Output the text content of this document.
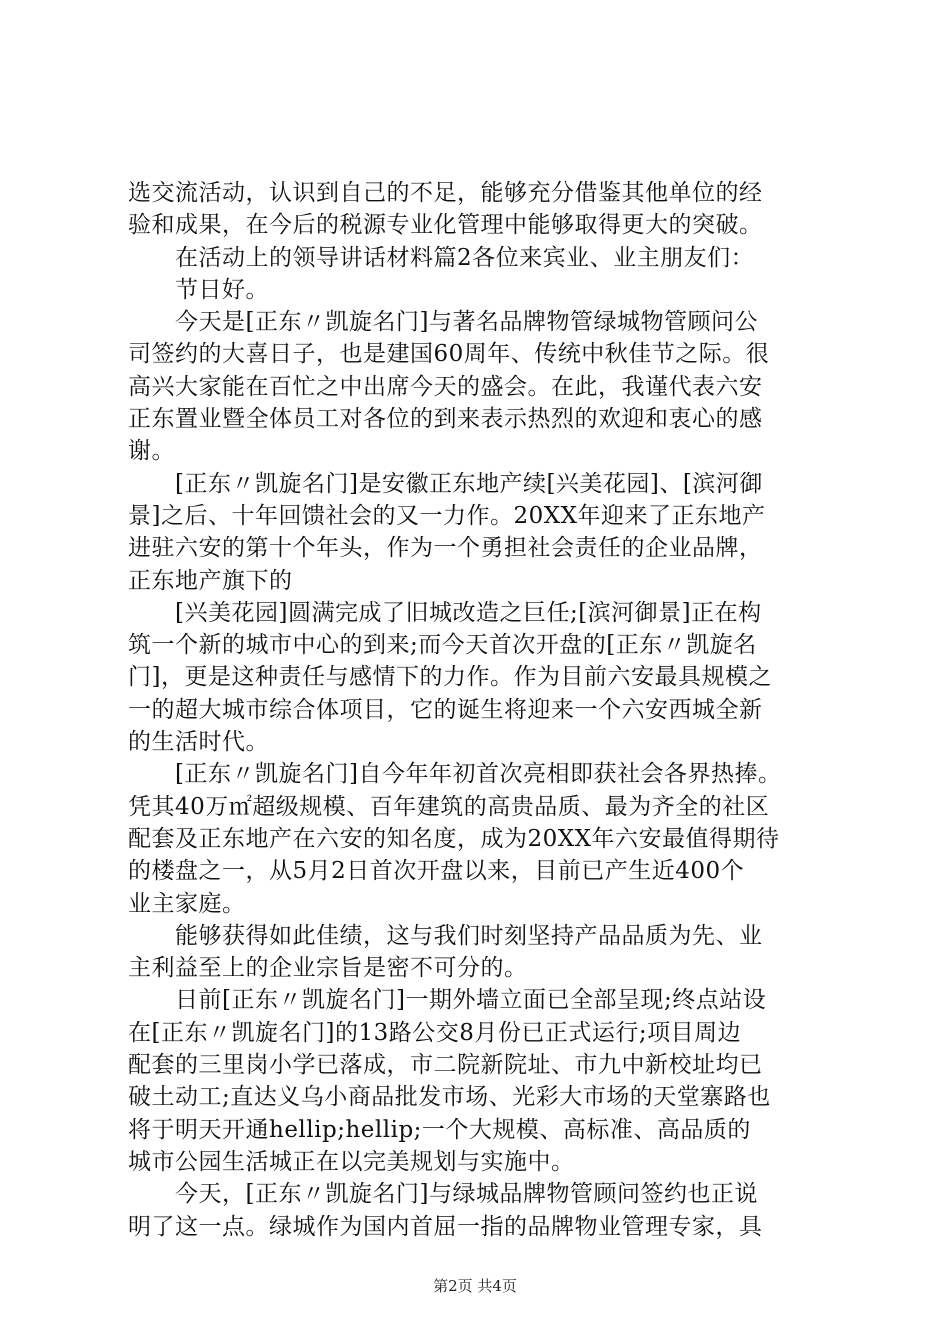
选交流活动，认识到自己的不足，能够充分借鉴其他单位的经
验和成果，在今后的税源专业化管理中能够取得更大的突破。
在活动上的领导讲话材料篇2各位来宾业、业主朋友们：
节日好。
今天是[正东〃凯旋名门]与著名品牌物管绿城物管顾问公
司签约的大喜日子，也是建国60周年、传统中秋佳节之际。很
高兴大家能在百忙之中出席今天的盛会。在此，我谨代表六安
正东置业暨全体员工对各位的到来表示热烈的欢迎和衷心的感
谢。
[正东〃凯旋名门]是安徽正东地产续[兴美花园]、[滨河御
景]之后、十年回馈社会的又一力作。20XX年迎来了正东地产
进驻六安的第十个年头，作为一个勇担社会责任的企业品牌，
正东地产旗下的
[兴美花园]圆满完成了旧城改造之巨任;[滨河御景]正在构
筑一个新的城市中心的到来;而今天首次开盘的[正东〃凯旋名
门]，更是这种责任与感情下的力作。作为目前六安最具规模之
一的超大城市综合体项目，它的诞生将迎来一个六安西城全新
的生活时代。
[正东〃凯旋名门]自今年年初首次亮相即获社会各界热捧。
凭其40万㎡超级规模、百年建筑的高贵品质、最为齐全的社区
配套及正东地产在六安的知名度，成为20XX年六安最值得期待
的楼盘之一，从5月2日首次开盘以来，目前已产生近400个
业主家庭。
能够获得如此佳绩，这与我们时刻坚持产品品质为先、业
主利益至上的企业宗旨是密不可分的。
日前[正东〃凯旋名门]一期外墙立面已全部呈现;终点站设
在[正东〃凯旋名门]的13路公交8月份已正式运行;项目周边
配套的三里岗小学已落成，市二院新院址、市九中新校址均已
破土动工;直达义乌小商品批发市场、光彩大市场的天堂寨路也
将于明天开通hellip;hellip;一个大规模、高标准、高品质的
城市公园生活城正在以完美规划与实施中。
今天，[正东〃凯旋名门]与绿城品牌物管顾问签约也正说
明了这一点。绿城作为国内首屈一指的品牌物业管理专家，具
第2页 共4页
